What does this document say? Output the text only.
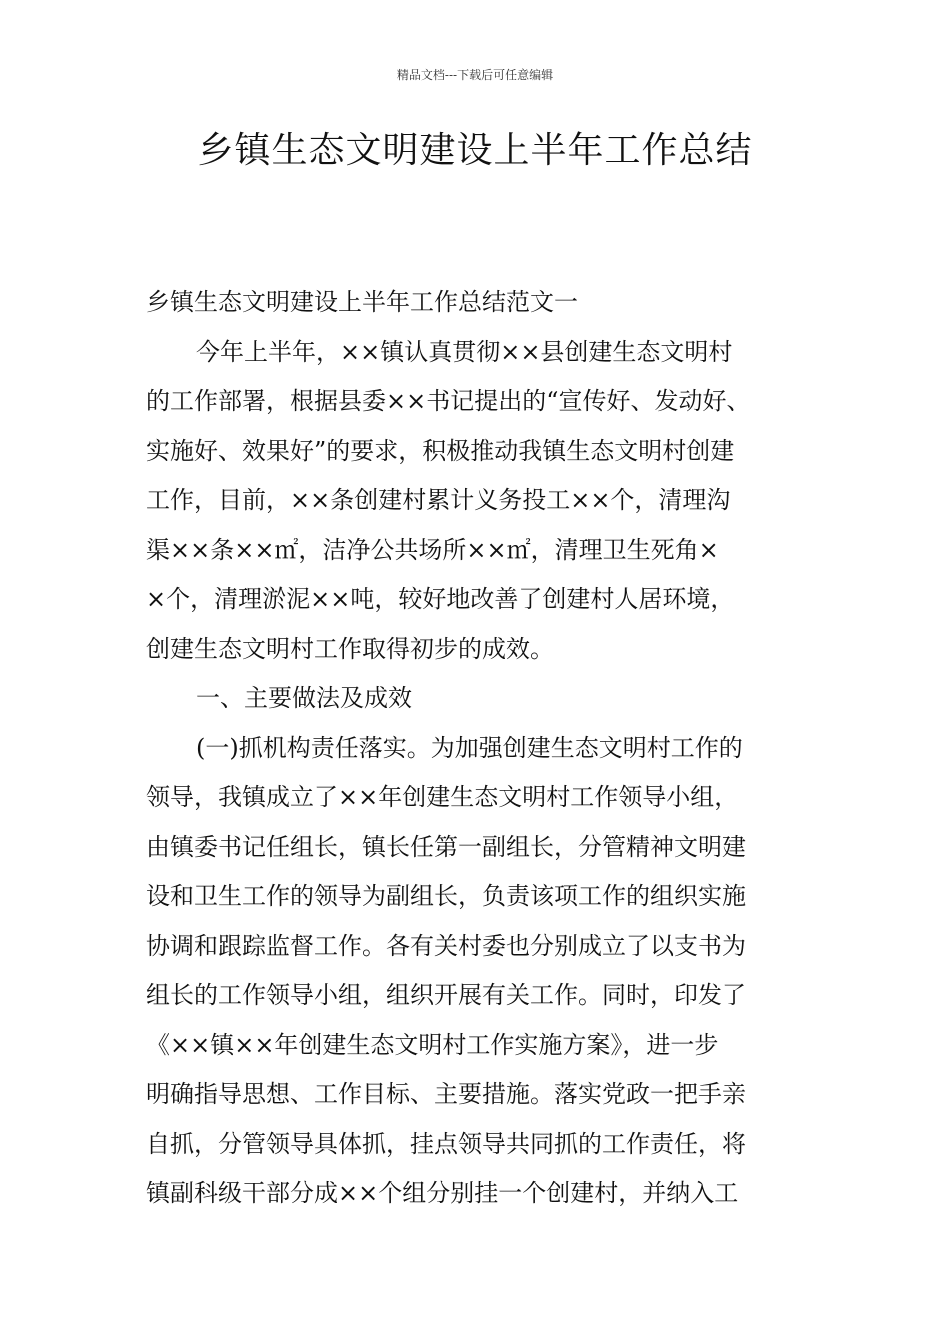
精品文档---下载后可任意编辑
乡镇生态文明建设上半年工作总结
乡镇生态文明建设上半年工作总结范文一
今年上半年，××镇认真贯彻××县创建生态文明村
的工作部署，根据县委××书记提出的“宣传好、发动好、
实施好、效果好”的要求，积极推动我镇生态文明村创建
工作，目前，××条创建村累计义务投工××个，清理沟
渠××条××㎡，洁净公共场所××㎡，清理卫生死角×
×个，清理淤泥××吨，较好地改善了创建村人居环境，
创建生态文明村工作取得初步的成效。
一、主要做法及成效
(一)抓机构责任落实。为加强创建生态文明村工作的
领导，我镇成立了××年创建生态文明村工作领导小组，
由镇委书记任组长，镇长任第一副组长，分管精神文明建
设和卫生工作的领导为副组长，负责该项工作的组织实施
协调和跟踪监督工作。各有关村委也分别成立了以支书为
组长的工作领导小组，组织开展有关工作。同时，印发了
《××镇××年创建生态文明村工作实施方案》，进一步
明确指导思想、工作目标、主要措施。落实党政一把手亲
自抓，分管领导具体抓，挂点领导共同抓的工作责任，将
镇副科级干部分成××个组分别挂一个创建村，并纳入工
